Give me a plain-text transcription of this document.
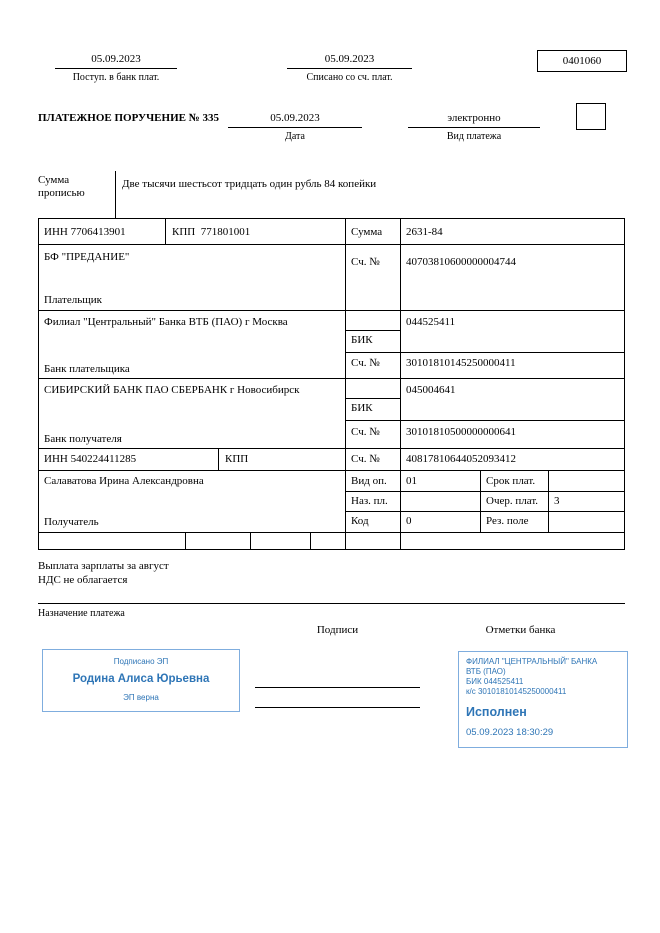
05.09.2023
Поступ. в банк плат.
05.09.2023
Списано со сч. плат.
0401060
ПЛАТЕЖНОЕ ПОРУЧЕНИЕ № 335	05.09.2023
Дата
электронно
Вид платежа
Сумма прописью
Две тысячи шестьсот тридцать один рубль 84 копейки
ИНН 7706413901	КПП  771801001	Сумма 2631-84
БФ "ПРЕДАНИЕ"
Плательщик
Сч. № 40703810600000004744
Филиал "Центральный" Банка ВТБ (ПАО) г Москва	044525411
БИК
Сч. № 30101810145250000411
Банк плательщика
СИБИРСКИЙ БАНК ПАО СБЕРБАНК г Новосибирск	045004641
БИК
Сч. № 30101810500000000641
Банк получателя
ИНН 540224411285	КПП	Сч. № 40817810644052093412
Салаватова Ирина Александровна
Получатель
Вид оп. 01	Срок плат.
Наз. пл.	Очер. плат. 3
Код	0	Рез. поле
Выплата зарплаты за август
НДС не облагается
Назначение платежа
Подписи	Отметки банка
Подписано ЭП
Родина Алиса Юрьевна
ЭП верна
ФИЛИАЛ "ЦЕНТРАЛЬНЫЙ" БАНКА
ВТБ (ПАО)
БИК 044525411
к/с 30101810145250000411
Исполнен
05.09.2023 18:30:29
